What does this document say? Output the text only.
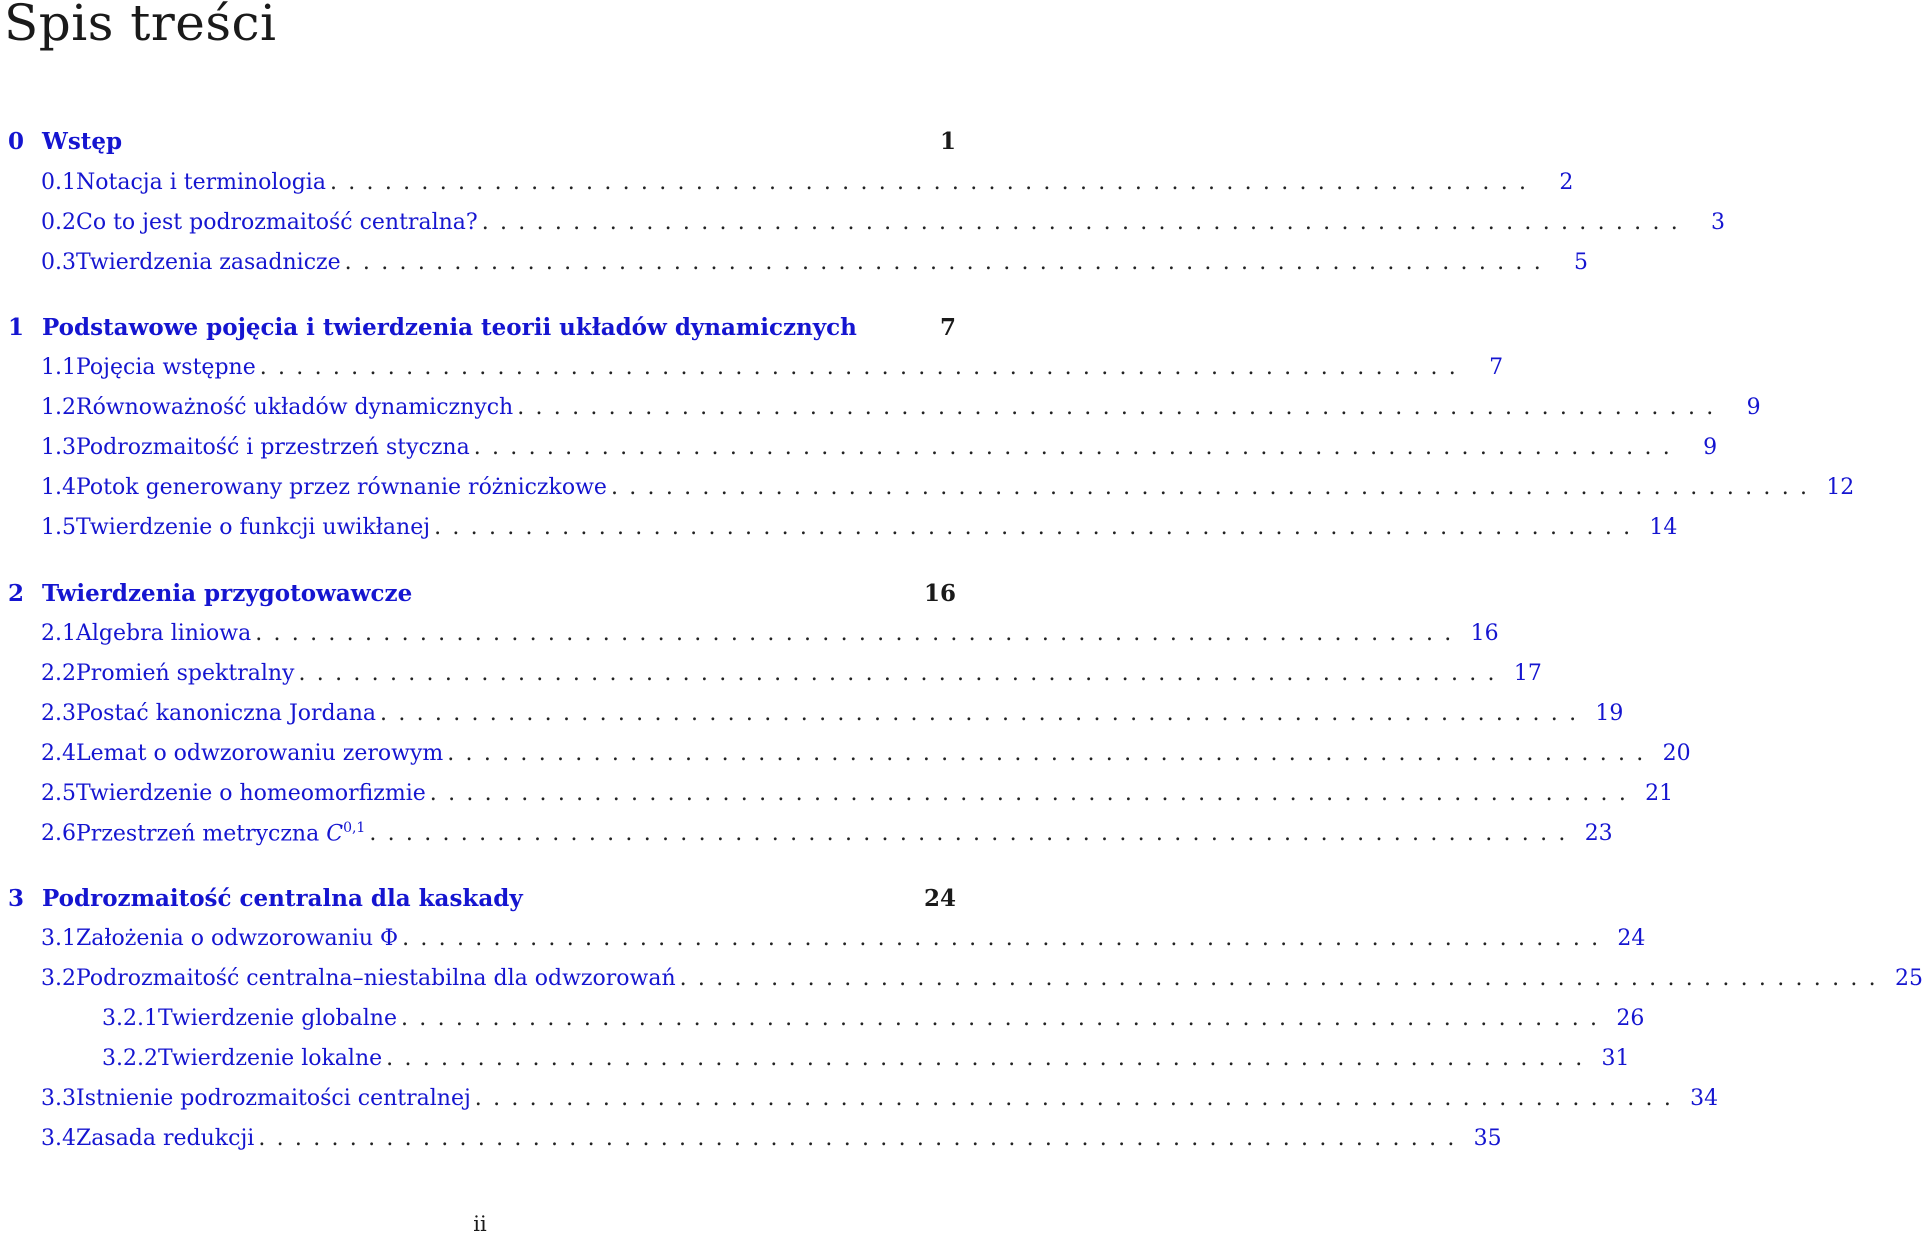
Spis treści
0 Wstęp	1
0.1 Notacja i terminologia ..................................................................	2
0.2 Co to jest podrozmaitość centralna? ..................................................................	3
0.3 Twierdzenia zasadnicze ..................................................................	5
1 Podstawowe pojęcia i twierdzenia teorii układów dynamicznych	7
1.1 Pojęcia wstępne ..................................................................	7
1.2 Równoważność układów dynamicznych ..................................................................	9
1.3 Podrozmaitość i przestrzeń styczna ..................................................................	9
1.4 Potok generowany przez równanie różniczkowe .................................................................. 12
1.5 Twierdzenie o funkcji uwikłanej .................................................................. 14
2 Twierdzenia przygotowawcze	16
2.1 Algebra liniowa .................................................................. 16
2.2 Promień spektralny .................................................................. 17
2.3 Postać kanoniczna Jordana .................................................................. 19
2.4 Lemat o odwzorowaniu zerowym .................................................................. 20
2.5 Twierdzenie o homeomorfizmie .................................................................. 21
2.6 Przestrzeń metryczna C$^{0,1}$ .................................................................. 23
3 Podrozmaitość centralna dla kaskady	24
3.1 Założenia o odwzorowaniu Φ .................................................................. 24
3.2 Podrozmaitość centralna–niestabilna dla odwzorowań .................................................................. 25
3.2.1 Twierdzenie globalne .................................................................. 26
3.2.2 Twierdzenie lokalne .................................................................. 31
3.3 Istnienie podrozmaitości centralnej .................................................................. 34
3.4 Zasada redukcji .................................................................. 35
ii
